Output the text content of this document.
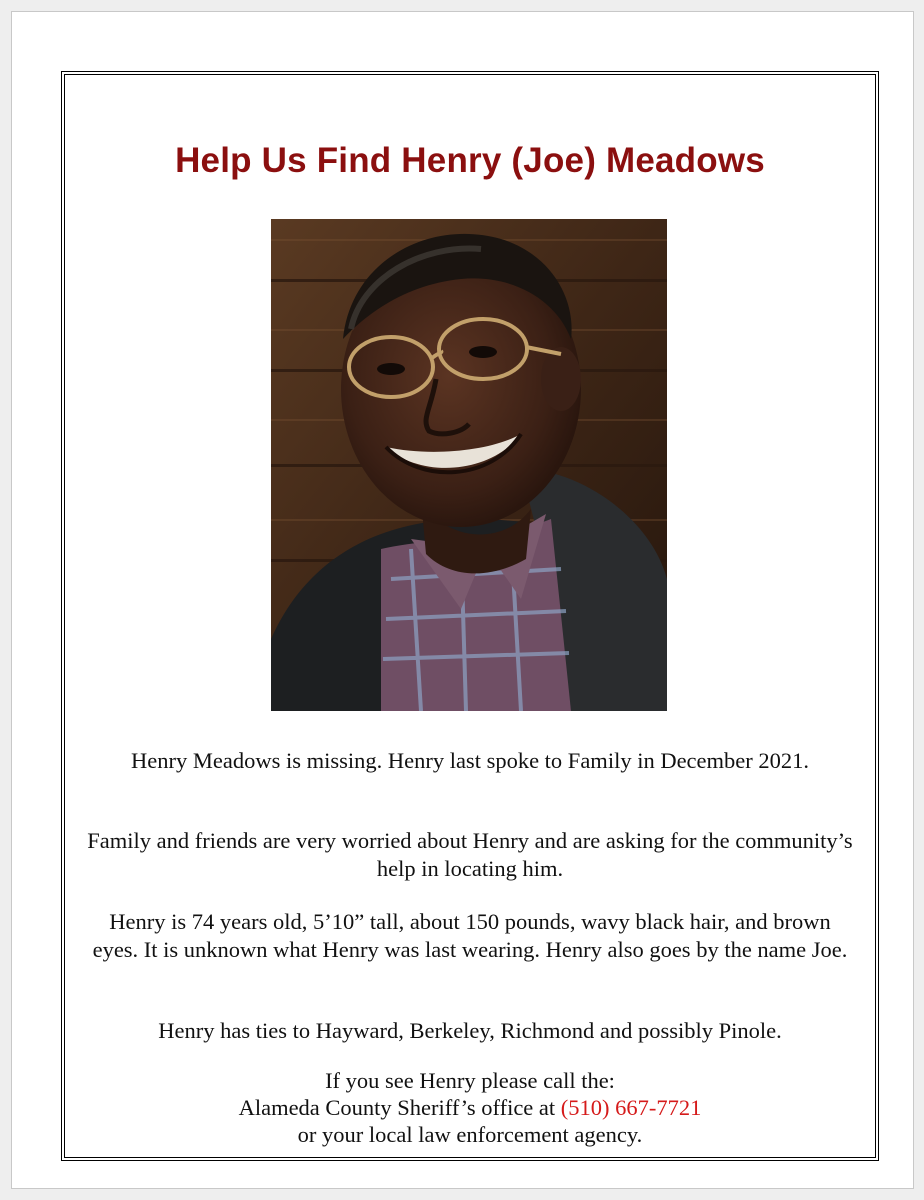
Help Us Find Henry (Joe) Meadows
Henry Meadows is missing. Henry last spoke to Family in December 2021.
Family and friends are very worried about Henry and are asking for the community’s help in locating him.
Henry is 74 years old, 5’10” tall, about 150 pounds, wavy black hair, and brown eyes. It is unknown what Henry was last wearing. Henry also goes by the name Joe.
Henry has ties to Hayward, Berkeley, Richmond and possibly Pinole.
If you see Henry please call the:
Alameda County Sheriff’s office at (510) 667-7721
or your local law enforcement agency.
